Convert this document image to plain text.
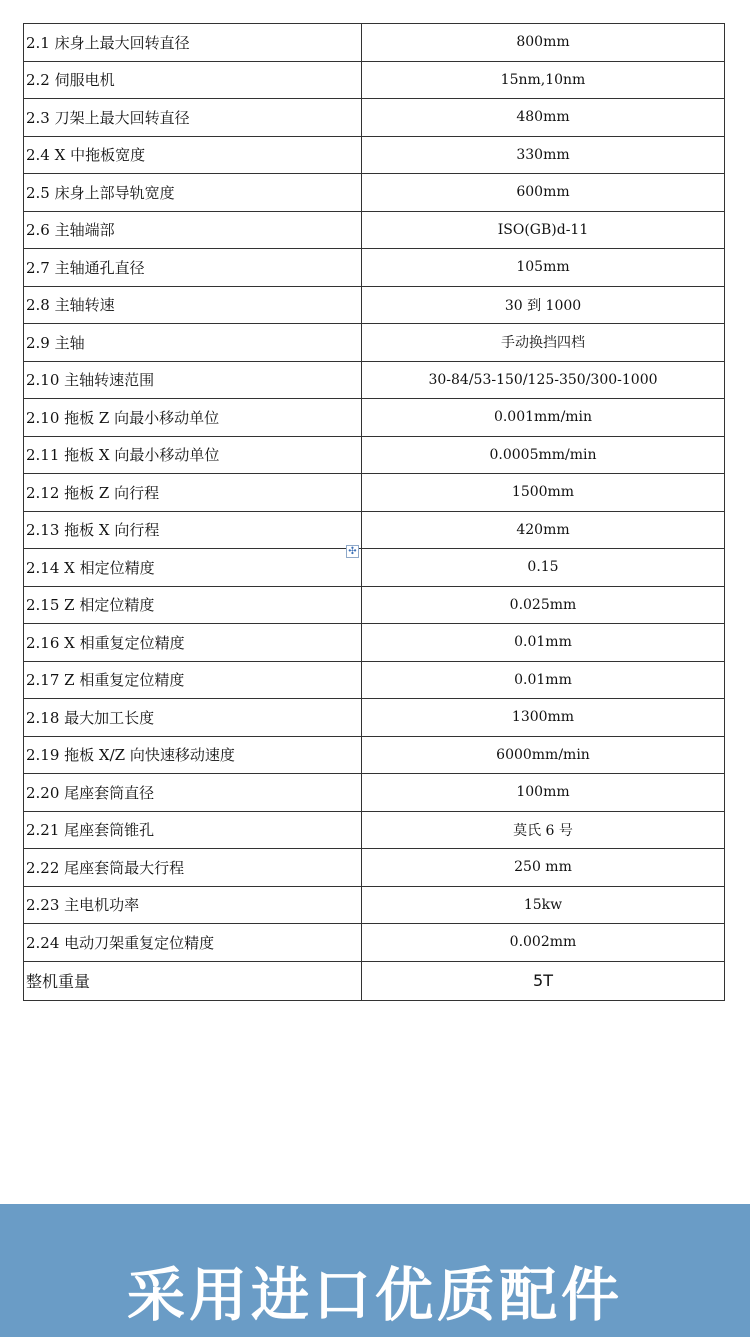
2.1 床身上最大回转直径	800mm
2.2 伺服电机	15nm,10nm
2.3 刀架上最大回转直径	480mm
2.4 X 中拖板宽度	330mm
2.5 床身上部导轨宽度	600mm
2.6 主轴端部	ISO(GB)d-11
2.7 主轴通孔直径	105mm
2.8 主轴转速	30 到 1000
2.9 主轴	手动换挡四档
2.10 主轴转速范围	30-84/53-150/125-350/300-1000
2.10 拖板 Z 向最小移动单位	0.001mm/min
2.11 拖板 X 向最小移动单位	0.0005mm/min
2.12 拖板 Z 向行程	1500mm
2.13 拖板 X 向行程	420mm
2.14 X 相定位精度	0.15
2.15 Z 相定位精度	0.025mm
2.16 X 相重复定位精度	0.01mm
2.17 Z 相重复定位精度	0.01mm
2.18 最大加工长度	1300mm
2.19 拖板 X/Z 向快速移动速度	6000mm/min
2.20 尾座套筒直径	100mm
2.21 尾座套筒锥孔	莫氏 6 号
2.22 尾座套筒最大行程	250 mm
2.23 主电机功率	15kw
2.24 电动刀架重复定位精度	0.002mm
整机重量	5T
✣
采用进口优质配件
